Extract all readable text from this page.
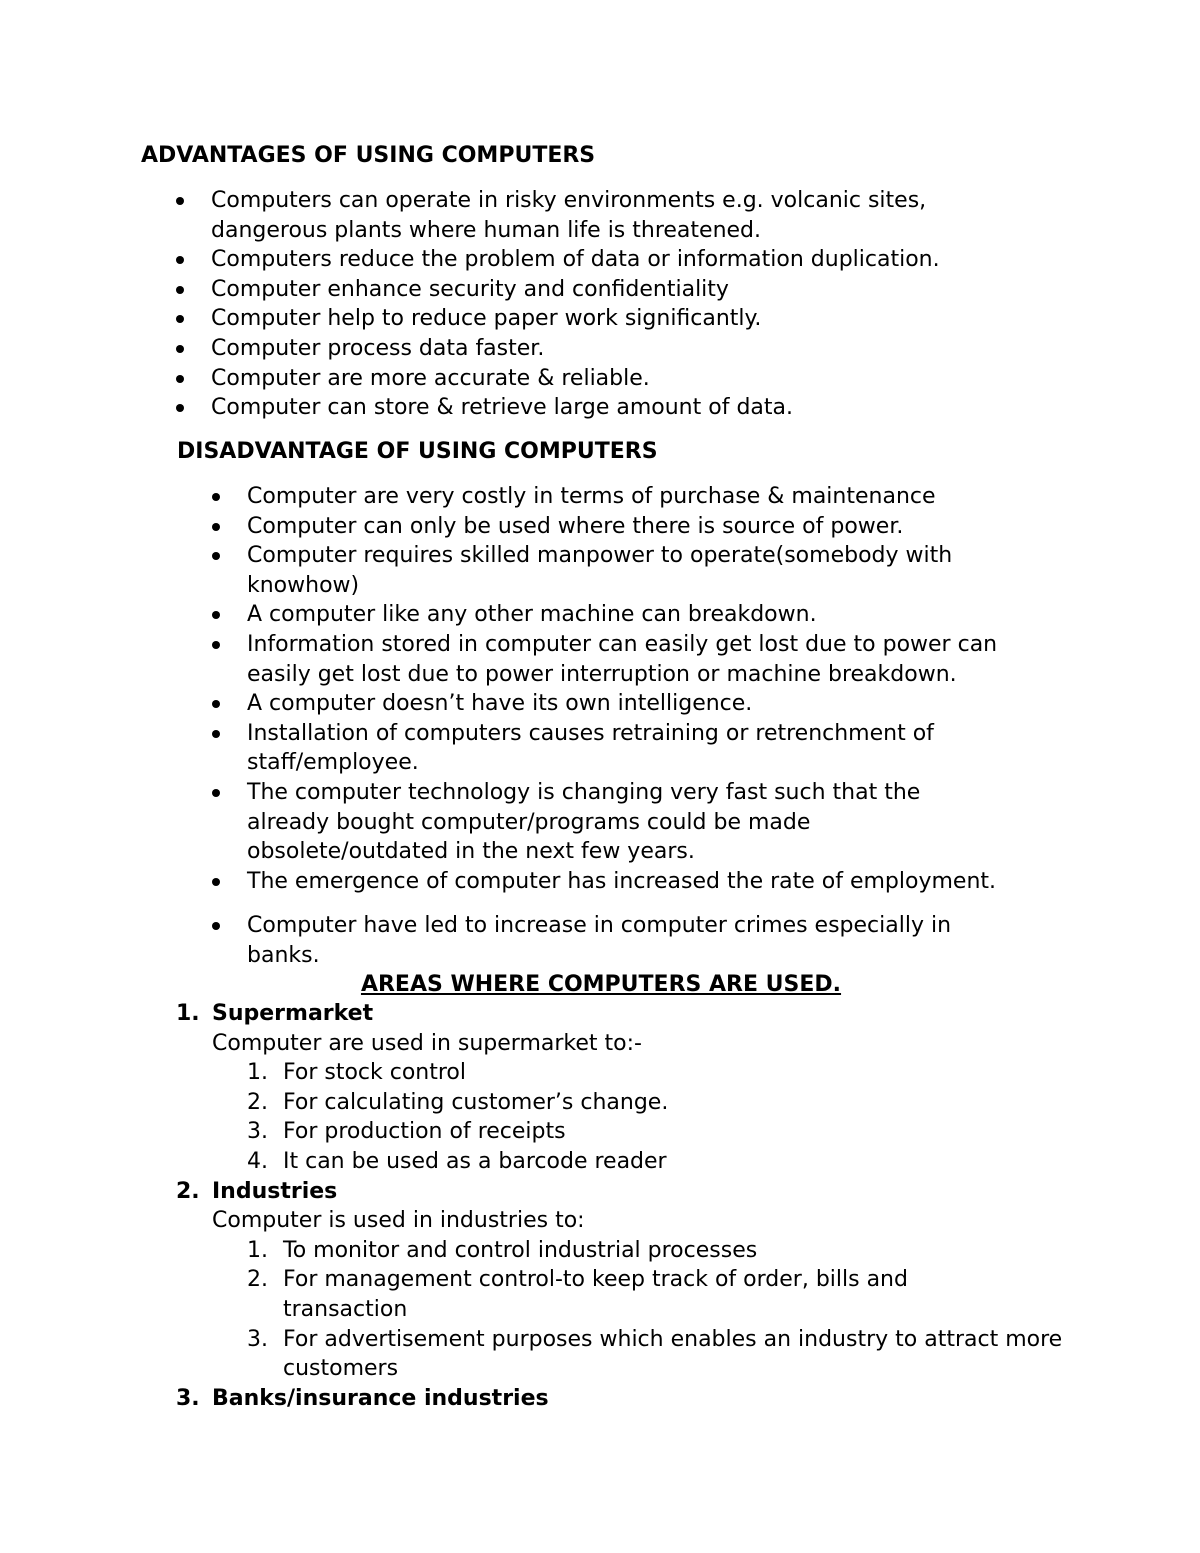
ADVANTAGES OF USING COMPUTERS
Computers can operate in risky environments e.g. volcanic sites, dangerous plants where human life is threatened.
Computers reduce the problem of data or information duplication.
Computer enhance security and confidentiality
Computer help to reduce paper work significantly.
Computer process data faster.
Computer are more accurate & reliable.
Computer can store & retrieve large amount of data.
DISADVANTAGE OF USING COMPUTERS
Computer are very costly in terms of purchase & maintenance
Computer can only be used where there is source of power.
Computer requires skilled manpower to operate(somebody with knowhow)
A computer like any other machine can breakdown.
Information stored in computer can easily get lost due to power can easily get lost due to power interruption or machine breakdown.
A computer doesn’t have its own intelligence.
Installation of computers causes retraining or retrenchment of staff/employee.
The computer technology is changing very fast such that the already bought computer/programs could be made obsolete/outdated in the next few years.
The emergence of computer has increased the rate of employment.
Computer have led to increase in computer crimes especially in banks.
AREAS WHERE COMPUTERS ARE USED.
1. Supermarket
Computer are used in supermarket to:-
1. For stock control
2. For calculating customer’s change.
3. For production of receipts
4. It can be used as a barcode reader
2. Industries
Computer is used in industries to:
1. To monitor and control industrial processes
2. For management control-to keep track of order, bills and transaction
3. For advertisement purposes which enables an industry to attract more customers
3. Banks/insurance industries
